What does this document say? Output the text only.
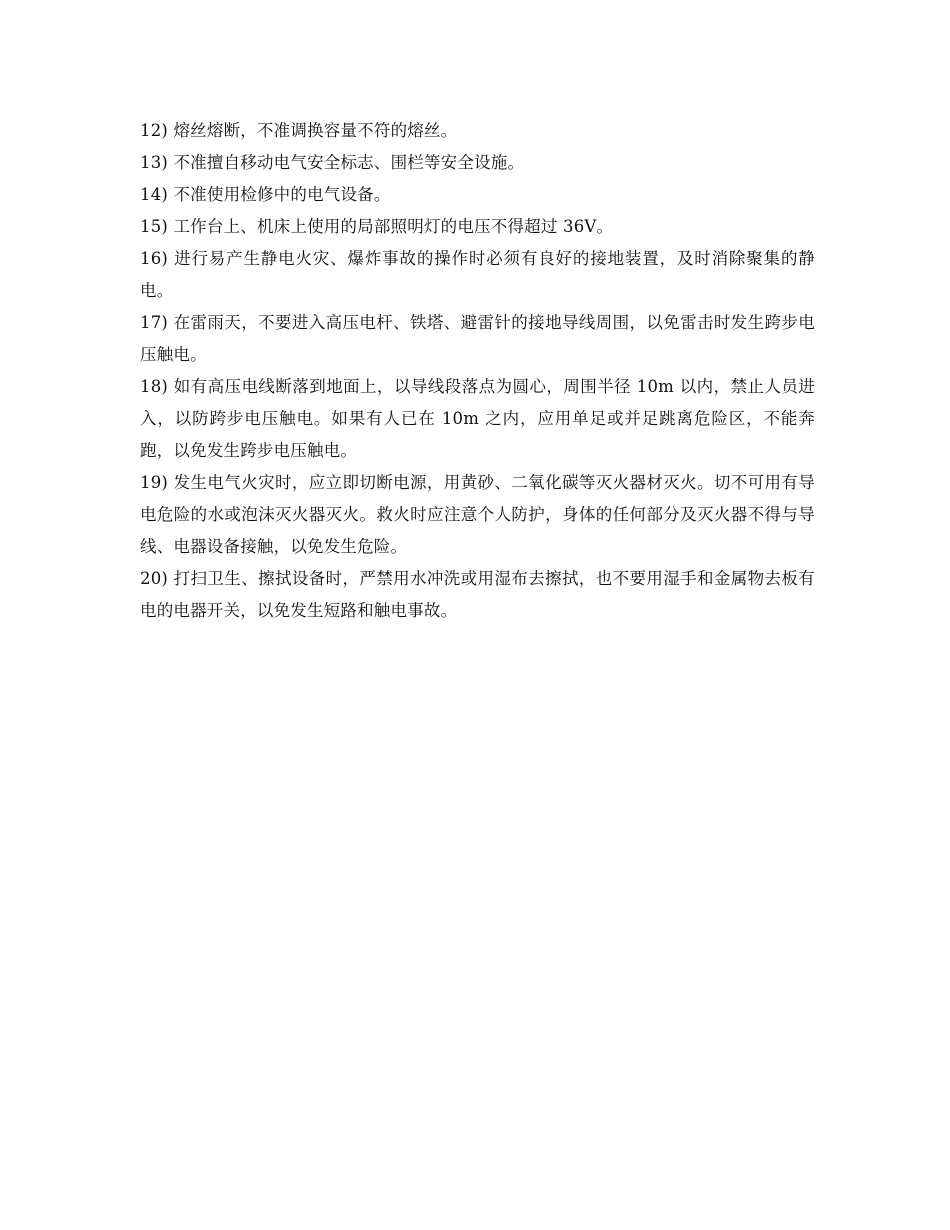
12) 熔丝熔断，不准调换容量不符的熔丝。

13) 不准擅自移动电气安全标志、围栏等安全设施。

14) 不准使用检修中的电气设备。

15) 工作台上、机床上使用的局部照明灯的电压不得超过 36V。

16) 进行易产生静电火灾、爆炸事故的操作时必须有良好的接地装置，及时消除聚集的静电。

17) 在雷雨天，不要进入高压电杆、铁塔、避雷针的接地导线周围，以免雷击时发生跨步电压触电。

18) 如有高压电线断落到地面上，以导线段落点为圆心，周围半径 10m 以内，禁止人员进入，以防跨步电压触电。如果有人已在 10m 之内，应用单足或并足跳离危险区，不能奔跑，以免发生跨步电压触电。

19) 发生电气火灾时，应立即切断电源，用黄砂、二氧化碳等灭火器材灭火。切不可用有导电危险的水或泡沫灭火器灭火。救火时应注意个人防护，身体的任何部分及灭火器不得与导线、电器设备接触，以免发生危险。

20) 打扫卫生、擦拭设备时，严禁用水冲洗或用湿布去擦拭，也不要用湿手和金属物去板有电的电器开关，以免发生短路和触电事故。
